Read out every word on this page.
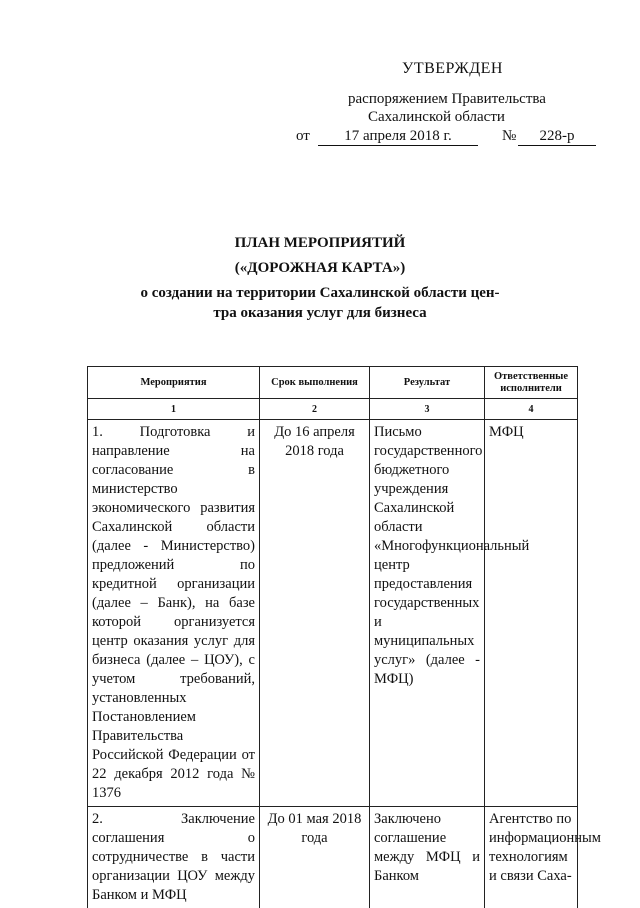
УТВЕРЖДЕН
распоряжением Правительства
Сахалинской области
от	17 апреля 2018 г.	№	228-р
ПЛАН МЕРОПРИЯТИЙ
(«ДОРОЖНАЯ КАРТА»)
о создании на территории Сахалинской области цен-
тра оказания услуг для бизнеса
Мероприятия	Срок выполнения	Результат	Ответственные исполнители
1	2	3	4
1. Подготовка и направление на согласование в министерство экономического развития Сахалинской области (далее - Министерство) предложений по кредитной организации (далее – Банк), на базе которой организуется центр оказания услуг для бизнеса (далее – ЦОУ), с учетом требований, установленных Постановлением Правительства Российской Федерации от 22 декабря 2012 года № 1376	До 16 апреля 2018 года	Письмо государственного бюджетного учреждения Сахалинской области «Многофункциональный центр предоставления государственных и муниципальных услуг» (далее - МФЦ)	МФЦ
2. Заключение соглашения о сотрудничестве в части организации ЦОУ между Банком и МФЦ	До 01 мая 2018 года	Заключено соглашение между МФЦ и Банком	Агентство по информационным технологиям и связи Саха-
